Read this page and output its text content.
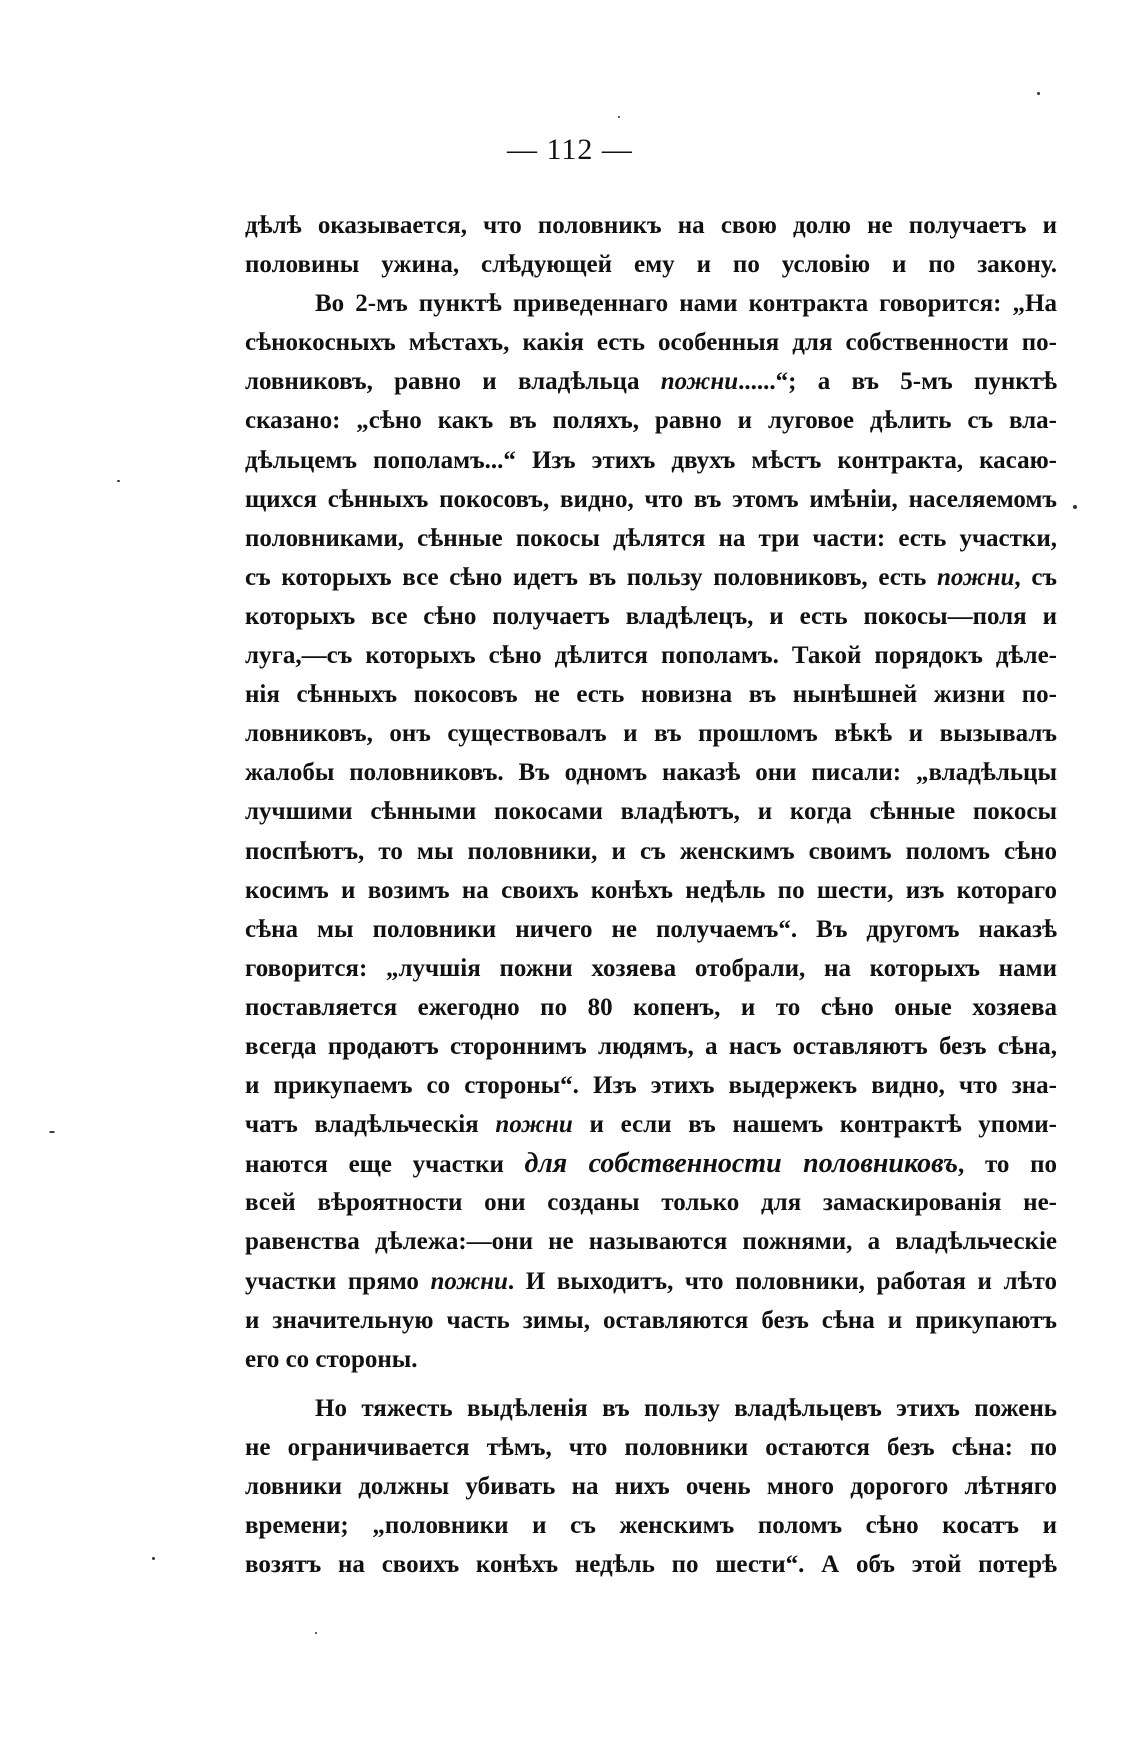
— 112 —
дѣлѣ оказывается, что половникъ на свою долю не получаетъ и
половины ужина, слѣдующей ему и по условію и по закону.
Во 2-мъ пунктѣ приведеннаго нами контракта говорится: „На
сѣнокосныхъ мѣстахъ, какія есть особенныя для собственности по-
ловниковъ, равно и владѣльца пожни......“; а въ 5-мъ пунктѣ
сказано: „сѣно какъ въ поляхъ, равно и луговое дѣлить съ вла-
дѣльцемъ пополамъ...“ Изъ этихъ двухъ мѣстъ контракта, касаю-
щихся сѣнныхъ покосовъ, видно, что въ этомъ имѣніи, населяемомъ
половниками, сѣнные покосы дѣлятся на три части: есть участки,
съ которыхъ все сѣно идетъ въ пользу половниковъ, есть пожни, съ
которыхъ все сѣно получаетъ владѣлецъ, и есть покосы—поля и
луга,—съ которыхъ сѣно дѣлится пополамъ. Такой порядокъ дѣле-
нія сѣнныхъ покосовъ не есть новизна въ нынѣшней жизни по-
ловниковъ, онъ существовалъ и въ прошломъ вѣкѣ и вызывалъ
жалобы половниковъ. Въ одномъ наказѣ они писали: „владѣльцы
лучшими сѣнными покосами владѣютъ, и когда сѣнные покосы
поспѣютъ, то мы половники, и съ женскимъ своимъ поломъ сѣно
косимъ и возимъ на своихъ конѣхъ недѣль по шести, изъ котораго
сѣна мы половники ничего не получаемъ“. Въ другомъ наказѣ
говорится: „лучшія пожни хозяева отобрали, на которыхъ нами
поставляется ежегодно по 80 копенъ, и то сѣно оные хозяева
всегда продаютъ стороннимъ людямъ, а насъ оставляютъ безъ сѣна,
и прикупаемъ со стороны“. Изъ этихъ выдержекъ видно, что зна-
чатъ владѣльческія пожни и если въ нашемъ контрактѣ упоми-
наются еще участки для собственности половниковъ, то по
всей вѣроятности они созданы только для замаскированія не-
равенства дѣлежа:—они не называются пожнями, а владѣльческіе
участки прямо пожни. И выходитъ, что половники, работая и лѣто
и значительную часть зимы, оставляются безъ сѣна и прикупаютъ
его со стороны.
Но тяжесть выдѣленія въ пользу владѣльцевъ этихъ пожень
не ограничивается тѣмъ, что половники остаются безъ сѣна: по
ловники должны убивать на нихъ очень много дорогого лѣтняго
времени; „половники и съ женскимъ поломъ сѣно косатъ и
возятъ на своихъ конѣхъ недѣль по шести“. А объ этой потерѣ
